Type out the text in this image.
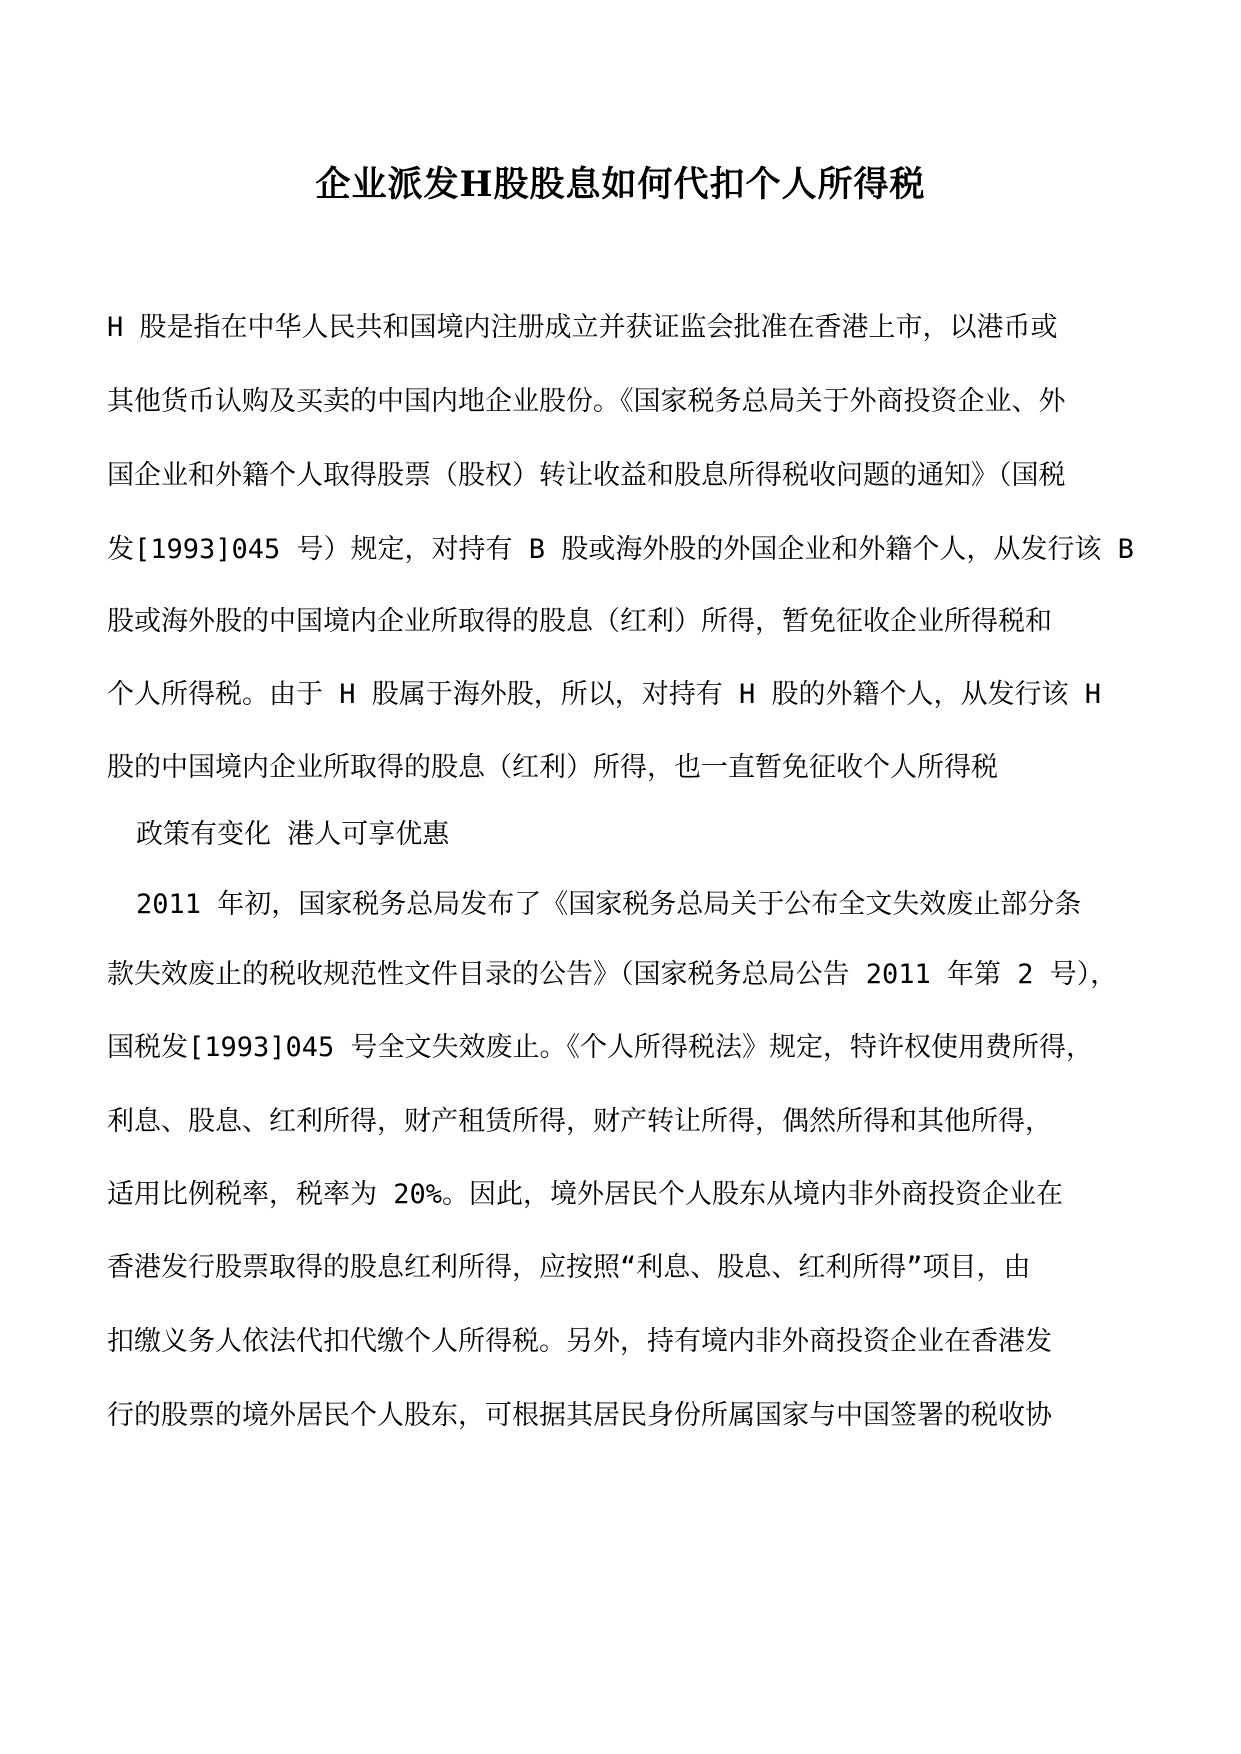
企业派发H股股息如何代扣个人所得税
H 股是指在中华人民共和国境内注册成立并获证监会批准在香港上市，以港币或
其他货币认购及买卖的中国内地企业股份。《国家税务总局关于外商投资企业、外
国企业和外籍个人取得股票（股权）转让收益和股息所得税收问题的通知》（国税
发[1993]045 号）规定，对持有 B 股或海外股的外国企业和外籍个人，从发行该 B
股或海外股的中国境内企业所取得的股息（红利）所得，暂免征收企业所得税和
个人所得税。由于 H 股属于海外股，所以，对持有 H 股的外籍个人，从发行该 H
股的中国境内企业所取得的股息（红利）所得，也一直暂免征收个人所得税
政策有变化 港人可享优惠
2011 年初，国家税务总局发布了《国家税务总局关于公布全文失效废止部分条
款失效废止的税收规范性文件目录的公告》（国家税务总局公告 2011 年第 2 号），
国税发[1993]045 号全文失效废止。《个人所得税法》规定，特许权使用费所得，
利息、股息、红利所得，财产租赁所得，财产转让所得，偶然所得和其他所得，
适用比例税率，税率为 20%。因此，境外居民个人股东从境内非外商投资企业在
香港发行股票取得的股息红利所得，应按照“利息、股息、红利所得”项目，由
扣缴义务人依法代扣代缴个人所得税。另外，持有境内非外商投资企业在香港发
行的股票的境外居民个人股东，可根据其居民身份所属国家与中国签署的税收协
